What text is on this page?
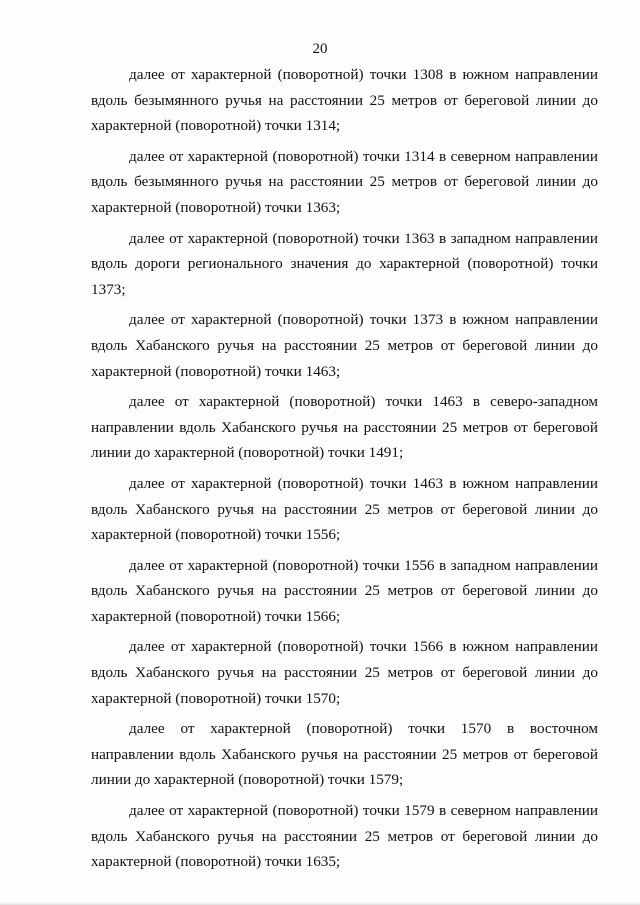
20

далее от характерной (поворотной) точки 1308 в южном направлении вдоль безымянного ручья на расстоянии 25 метров от береговой линии до характерной (поворотной) точки 1314;

далее от характерной (поворотной) точки 1314 в северном направлении вдоль безымянного ручья на расстоянии 25 метров от береговой линии до характерной (поворотной) точки 1363;

далее от характерной (поворотной) точки 1363 в западном направлении вдоль дороги регионального значения до характерной (поворотной) точки 1373;

далее от характерной (поворотной) точки 1373 в южном направлении вдоль Хабанского ручья на расстоянии 25 метров от береговой линии до характерной (поворотной) точки 1463;

далее от характерной (поворотной) точки 1463 в северо-западном направлении вдоль Хабанского ручья на расстоянии 25 метров от береговой линии до характерной (поворотной) точки 1491;

далее от характерной (поворотной) точки 1463 в южном направлении вдоль Хабанского ручья на расстоянии 25 метров от береговой линии до характерной (поворотной) точки 1556;

далее от характерной (поворотной) точки 1556 в западном направлении вдоль Хабанского ручья на расстоянии 25 метров от береговой линии до характерной (поворотной) точки 1566;

далее от характерной (поворотной) точки 1566 в южном направлении вдоль Хабанского ручья на расстоянии 25 метров от береговой линии до характерной (поворотной) точки 1570;

далее от характерной (поворотной) точки 1570 в восточном направлении вдоль Хабанского ручья на расстоянии 25 метров от береговой линии до характерной (поворотной) точки 1579;

далее от характерной (поворотной) точки 1579 в северном направлении вдоль Хабанского ручья на расстоянии 25 метров от береговой линии до характерной (поворотной) точки 1635;
